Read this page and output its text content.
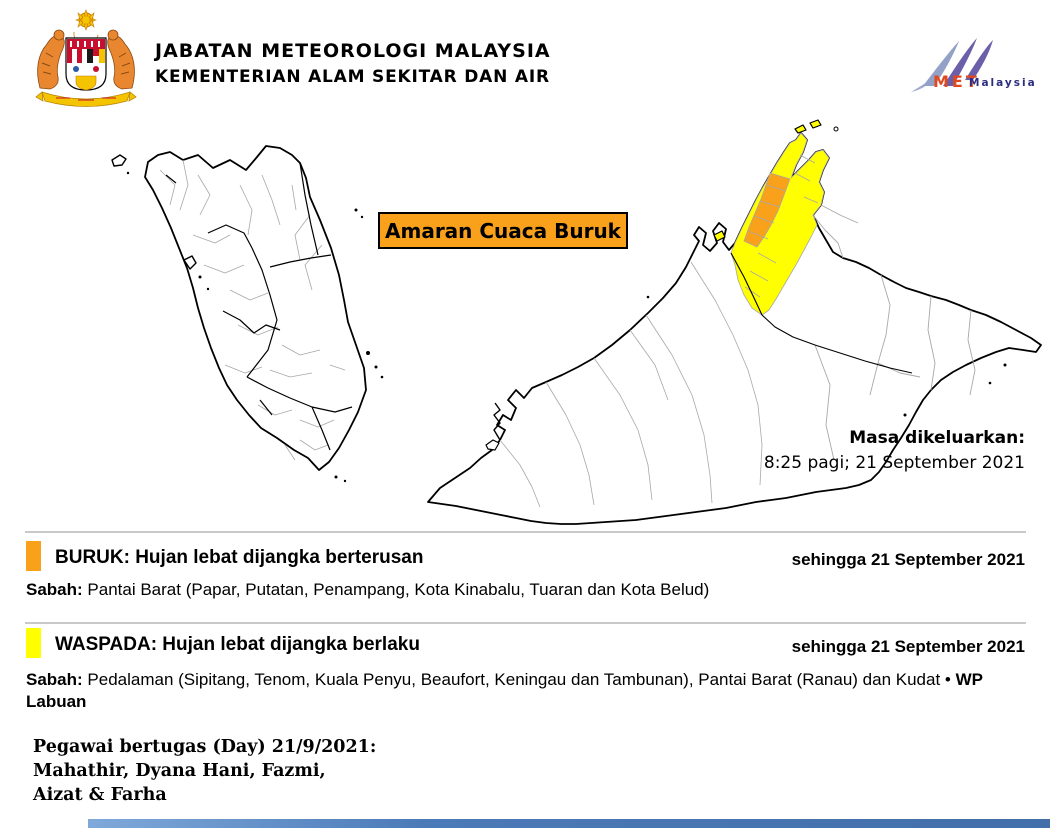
JABATAN METEOROLOGI MALAYSIA
KEMENTERIAN ALAM SEKITAR DAN AIR	MET
Malaysia
Amaran Cuaca Buruk
Masa dikeluarkan:
8:25 pagi; 21 September 2021
BURUK: Hujan lebat dijangka berterusan	sehingga 21 September 2021
Sabah: Pantai Barat (Papar, Putatan, Penampang, Kota Kinabalu, Tuaran dan Kota Belud)
WASPADA: Hujan lebat dijangka berlaku	sehingga 21 September 2021
Sabah: Pedalaman (Sipitang, Tenom, Kuala Penyu, Beaufort, Keningau dan Tambunan), Pantai Barat (Ranau) dan Kudat • WP Labuan
Pegawai bertugas (Day) 21/9/2021:
Mahathir, Dyana Hani, Fazmi,
Aizat & Farha
